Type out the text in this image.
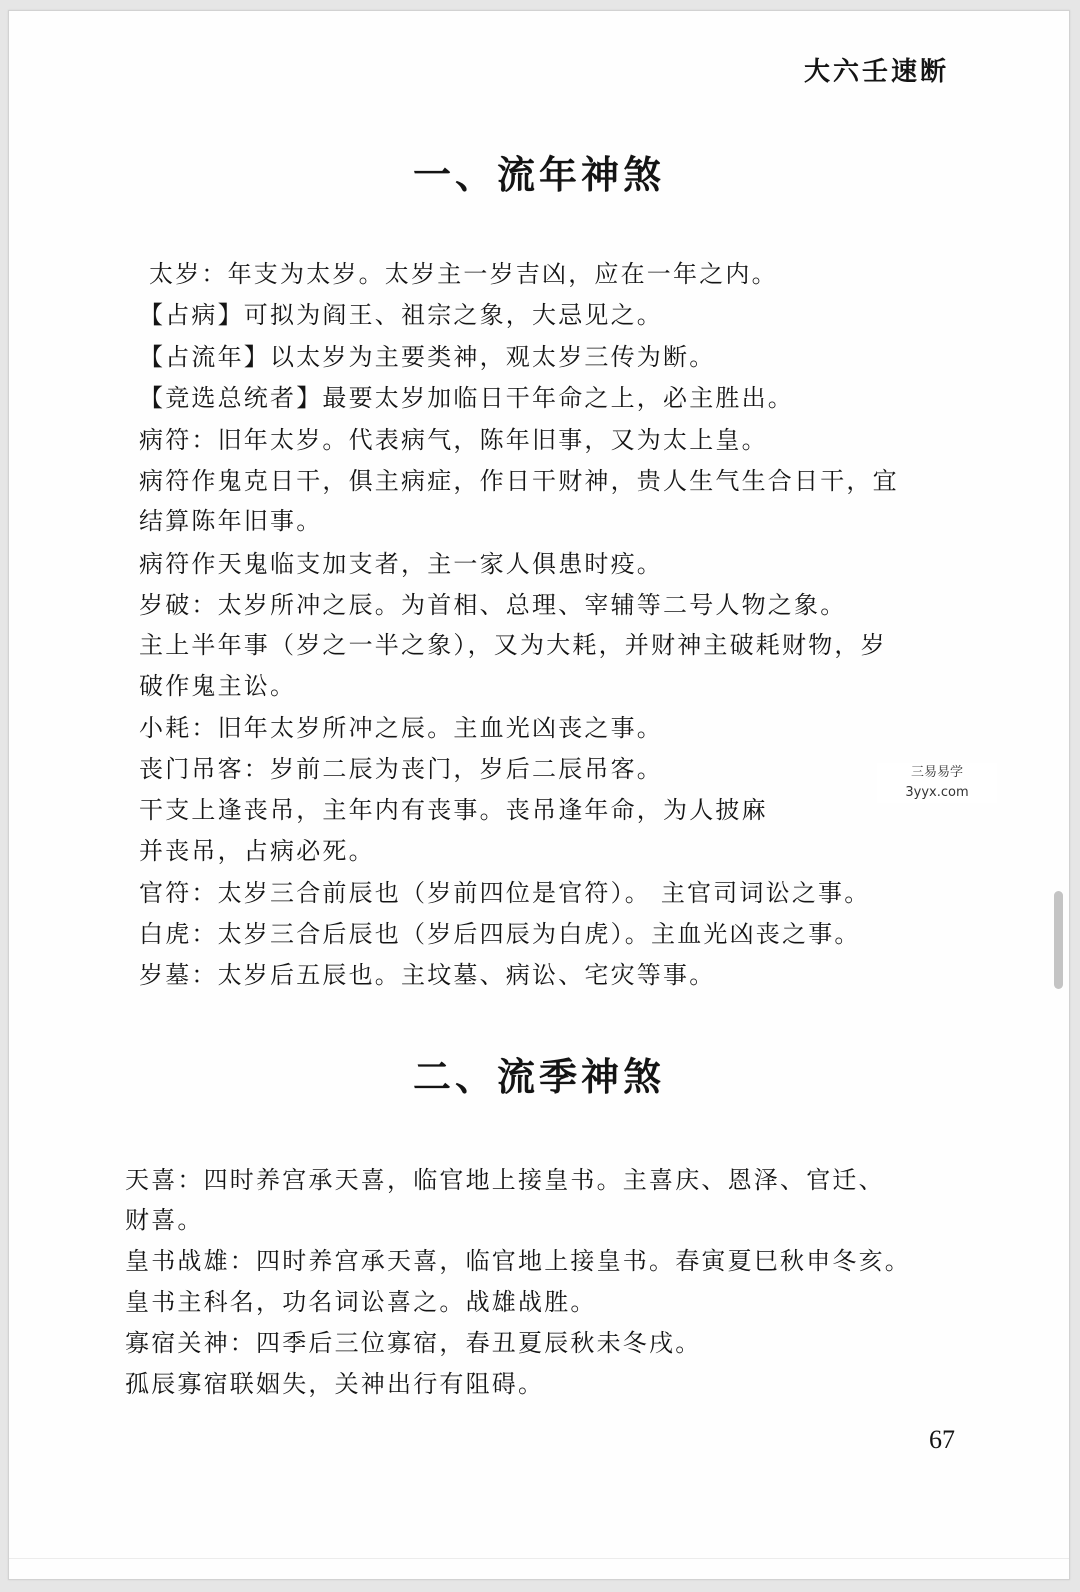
大六壬速断
一、流年神煞
太岁：年支为太岁。太岁主一岁吉凶，应在一年之内。
【占病】可拟为阎王、祖宗之象，大忌见之。
【占流年】以太岁为主要类神，观太岁三传为断。
【竞选总统者】最要太岁加临日干年命之上，必主胜出。
病符：旧年太岁。代表病气，陈年旧事，又为太上皇。
病符作鬼克日干，俱主病症，作日干财神，贵人生气生合日干，宜
结算陈年旧事。
病符作天鬼临支加支者，主一家人俱患时疫。
岁破：太岁所冲之辰。为首相、总理、宰辅等二号人物之象。
主上半年事（岁之一半之象），又为大耗，并财神主破耗财物，岁
破作鬼主讼。
小耗：旧年太岁所冲之辰。主血光凶丧之事。
丧门吊客：岁前二辰为丧门，岁后二辰吊客。
干支上逢丧吊，主年内有丧事。丧吊逢年命，为人披麻
并丧吊，占病必死。
官符：太岁三合前辰也（岁前四位是官符）。 主官司词讼之事。
白虎：太岁三合后辰也（岁后四辰为白虎）。主血光凶丧之事。
岁墓：太岁后五辰也。主坟墓、病讼、宅灾等事。
二、流季神煞
天喜：四时养宫承天喜，临官地上接皇书。主喜庆、恩泽、官迁、
财喜。
皇书战雄：四时养宫承天喜，临官地上接皇书。春寅夏巳秋申冬亥。
皇书主科名，功名词讼喜之。战雄战胜。
寡宿关神：四季后三位寡宿，春丑夏辰秋未冬戌。
孤辰寡宿联姻失，关神出行有阻碍。
三易易学
3yyx.com
67
